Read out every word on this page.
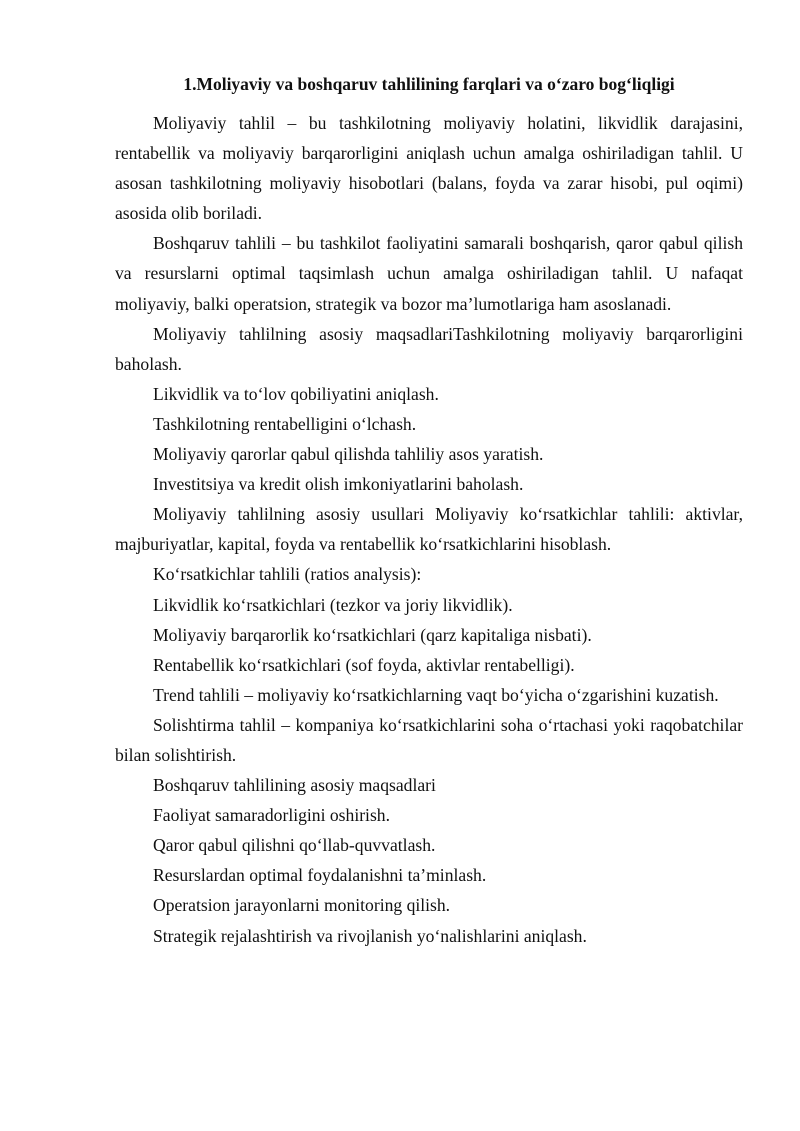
1.Moliyaviy va boshqaruv tahlilining farqlari va o‘zaro bog‘liqligi

Moliyaviy tahlil – bu tashkilotning moliyaviy holatini, likvidlik darajasini, rentabellik va moliyaviy barqarorligini aniqlash uchun amalga oshiriladigan tahlil. U asosan tashkilotning moliyaviy hisobotlari (balans, foyda va zarar hisobi, pul oqimi) asosida olib boriladi.

Boshqaruv tahlili – bu tashkilot faoliyatini samarali boshqarish, qaror qabul qilish va resurslarni optimal taqsimlash uchun amalga oshiriladigan tahlil. U nafaqat moliyaviy, balki operatsion, strategik va bozor ma’lumotlariga ham asoslanadi.

Moliyaviy tahlilning asosiy maqsadlariTashkilotning moliyaviy barqarorligini baholash.

Likvidlik va to‘lov qobiliyatini aniqlash.

Tashkilotning rentabelligini o‘lchash.

Moliyaviy qarorlar qabul qilishda tahliliy asos yaratish.

Investitsiya va kredit olish imkoniyatlarini baholash.

Moliyaviy tahlilning asosiy usullari Moliyaviy ko‘rsatkichlar tahlili: aktivlar, majburiyatlar, kapital, foyda va rentabellik ko‘rsatkichlarini hisoblash.

Ko‘rsatkichlar tahlili (ratios analysis):

Likvidlik ko‘rsatkichlari (tezkor va joriy likvidlik).

Moliyaviy barqarorlik ko‘rsatkichlari (qarz kapitaliga nisbati).

Rentabellik ko‘rsatkichlari (sof foyda, aktivlar rentabelligi).

Trend tahlili – moliyaviy ko‘rsatkichlarning vaqt bo‘yicha o‘zgarishini kuzatish.

Solishtirma tahlil – kompaniya ko‘rsatkichlarini soha o‘rtachasi yoki raqobatchilar bilan solishtirish.

Boshqaruv tahlilining asosiy maqsadlari

Faoliyat samaradorligini oshirish.

Qaror qabul qilishni qo‘llab-quvvatlash.

Resurslardan optimal foydalanishni ta’minlash.

Operatsion jarayonlarni monitoring qilish.

Strategik rejalashtirish va rivojlanish yo‘nalishlarini aniqlash.
